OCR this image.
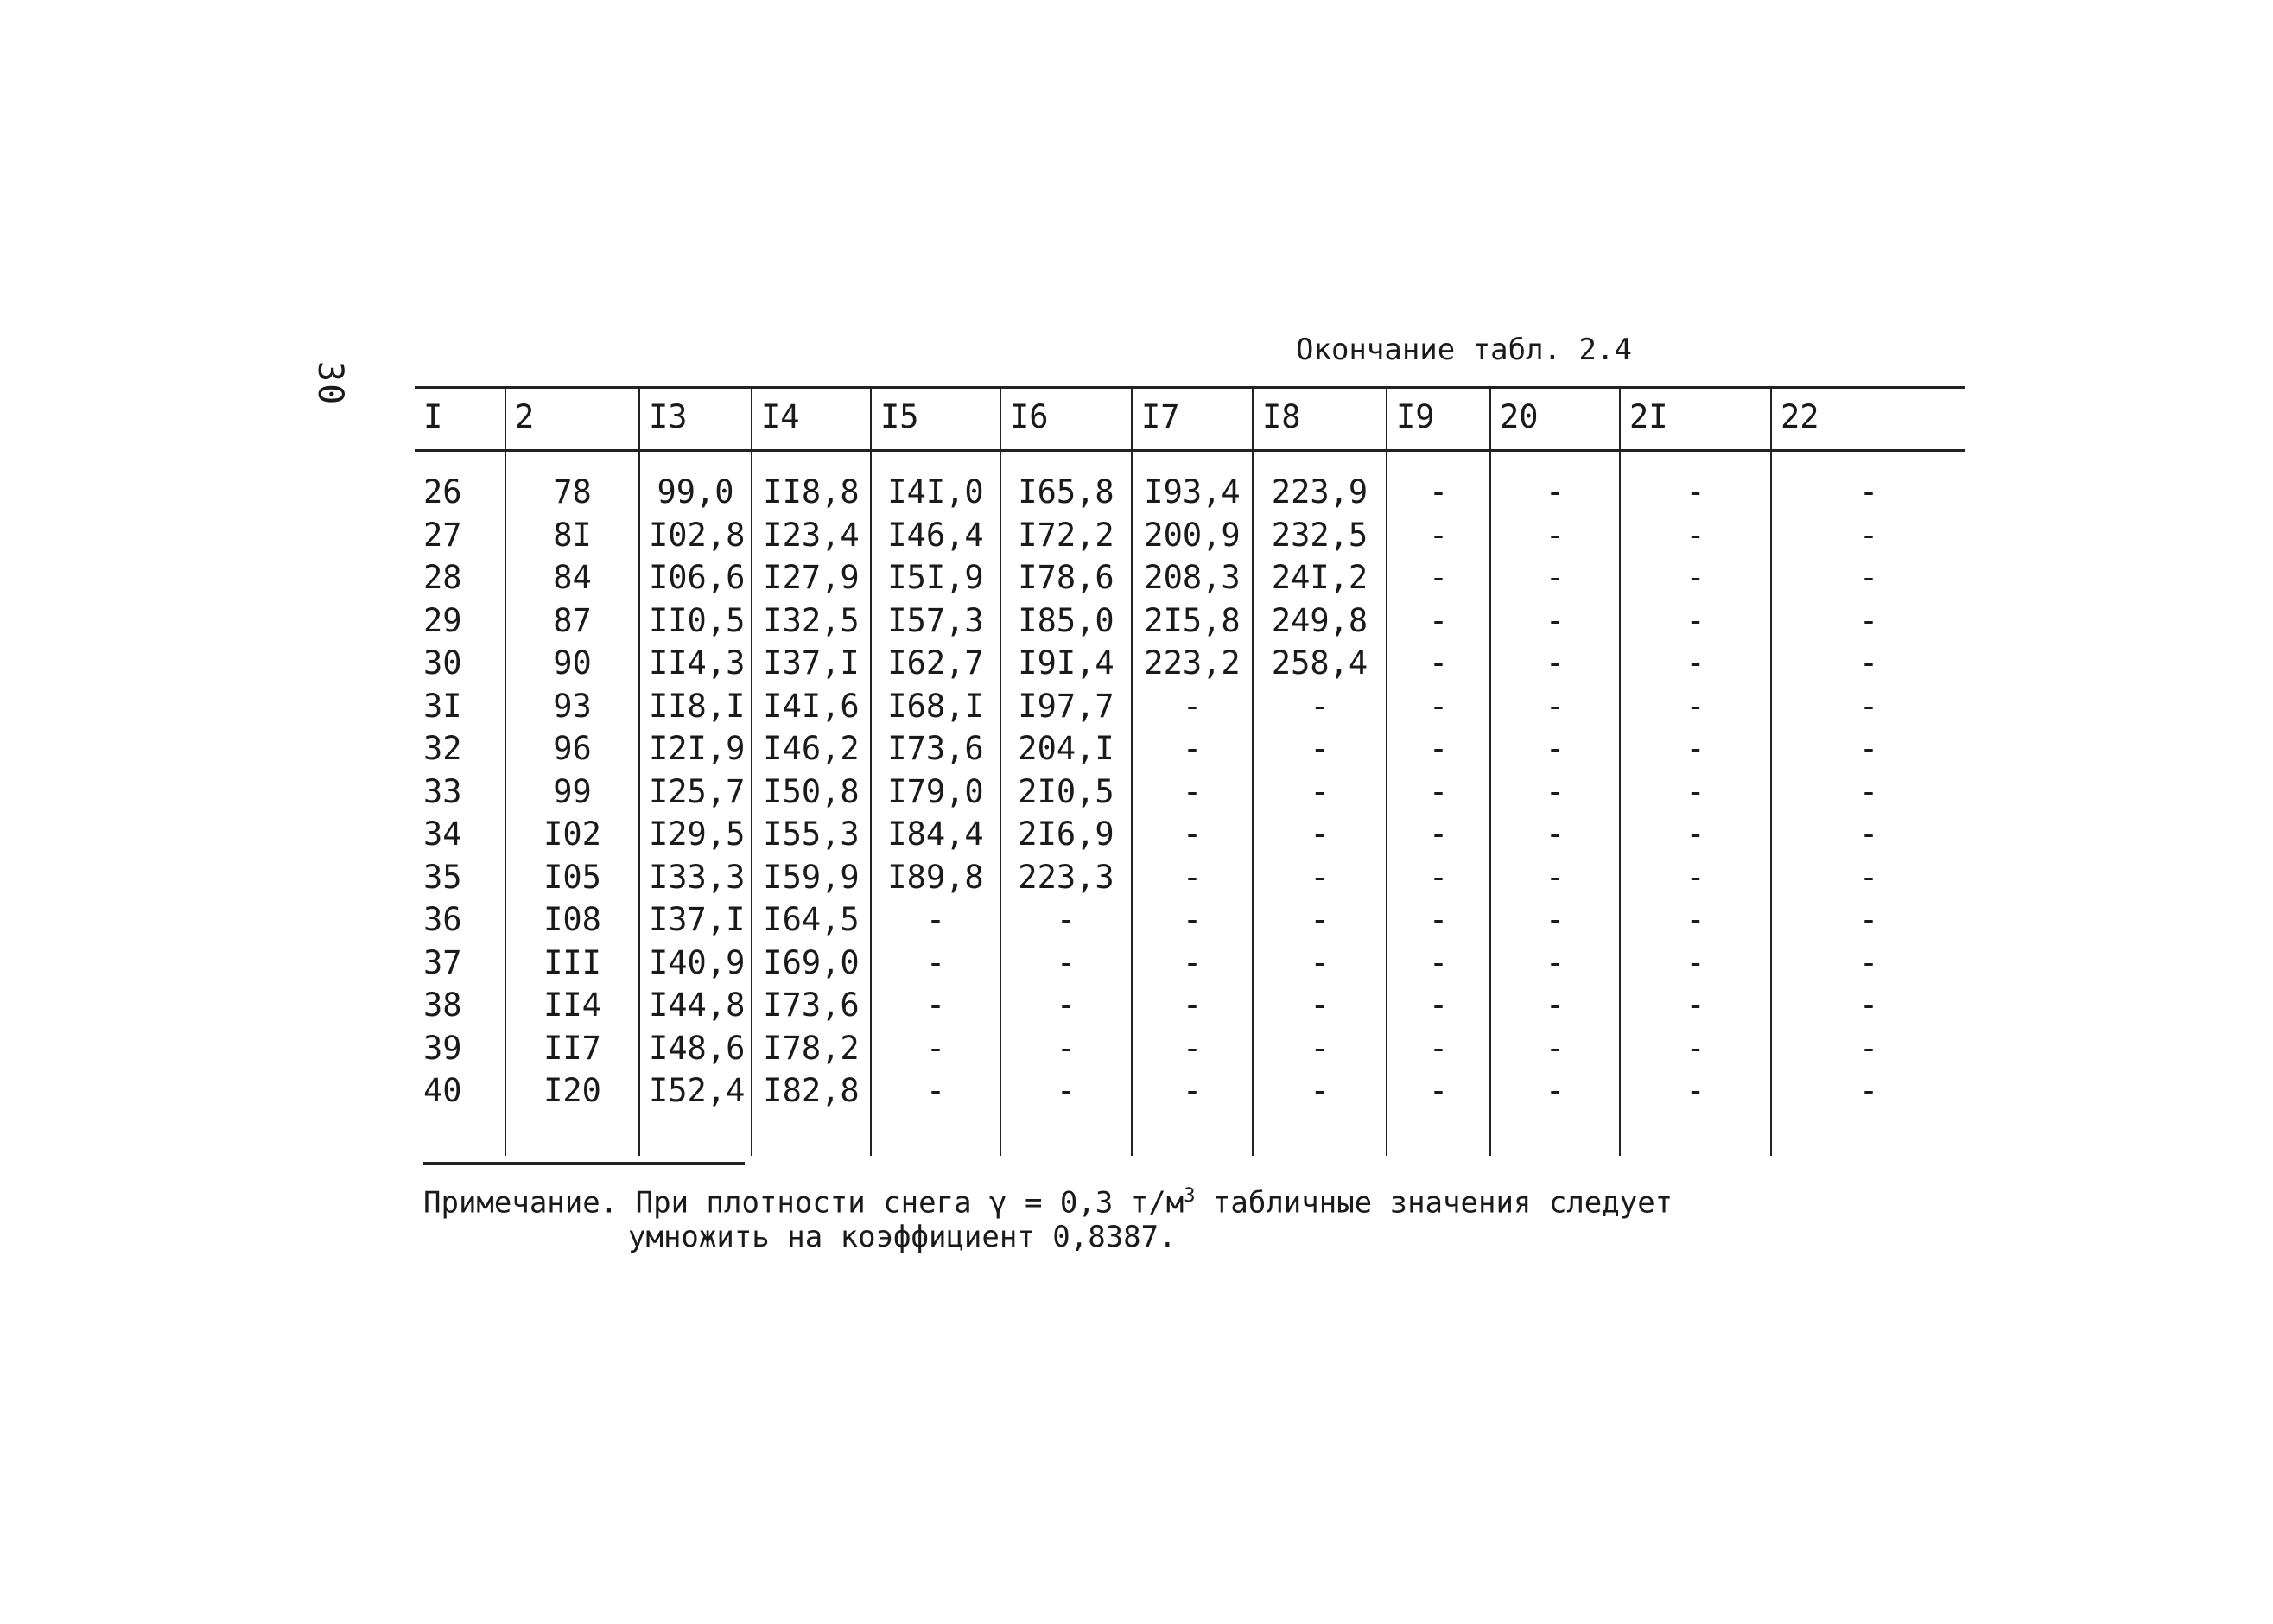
30
Окончание табл. 2.4
I	2	I3	I4	I5	I6	I7	I8	I9	20	2I	22
26	78	99,0	II8,8	I4I,0	I65,8	I93,4	223,9	-	-	-	-
27	8I	I02,8	I23,4	I46,4	I72,2	200,9	232,5	-	-	-	-
28	84	I06,6	I27,9	I5I,9	I78,6	208,3	24I,2	-	-	-	-
29	87	II0,5	I32,5	I57,3	I85,0	2I5,8	249,8	-	-	-	-
30	90	II4,3	I37,I	I62,7	I9I,4	223,2	258,4	-	-	-	-
3I	93	II8,I	I4I,6	I68,I	I97,7	-	-	-	-	-	-
32	96	I2I,9	I46,2	I73,6	204,I	-	-	-	-	-	-
33	99	I25,7	I50,8	I79,0	2I0,5	-	-	-	-	-	-
34	I02	I29,5	I55,3	I84,4	2I6,9	-	-	-	-	-	-
35	I05	I33,3	I59,9	I89,8	223,3	-	-	-	-	-	-
36	I08	I37,I	I64,5	-	-	-	-	-	-	-	-
37	III	I40,9	I69,0	-	-	-	-	-	-	-	-
38	II4	I44,8	I73,6	-	-	-	-	-	-	-	-
39	II7	I48,6	I78,2	-	-	-	-	-	-	-	-
40	I20	I52,4	I82,8	-	-	-	-	-	-	-	-
Примечание. При плотности снега γ = 0,3 $т/м^3$ табличные значения следует
умножить на коэффициент 0,8387.
